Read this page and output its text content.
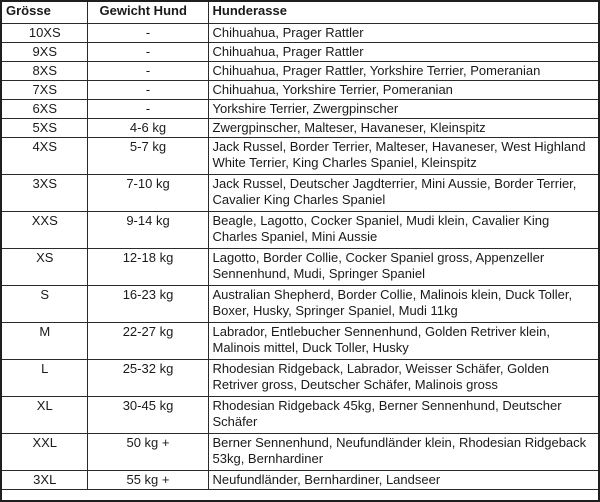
Grösse	Gewicht Hund	Hunderasse
10XS	-	Chihuahua, Prager Rattler
9XS	-	Chihuahua, Prager Rattler
8XS	-	Chihuahua, Prager Rattler, Yorkshire Terrier, Pomeranian
7XS	-	Chihuahua, Yorkshire Terrier, Pomeranian
6XS	-	Yorkshire Terrier, Zwergpinscher
5XS	4-6 kg	Zwergpinscher, Malteser, Havaneser, Kleinspitz
4XS	5-7 kg	Jack Russel, Border Terrier, Malteser, Havaneser, West Highland White Terrier, King Charles Spaniel, Kleinspitz
3XS	7-10 kg	Jack Russel, Deutscher Jagdterrier, Mini Aussie, Border Terrier, Cavalier King Charles Spaniel
XXS	9-14 kg	Beagle, Lagotto, Cocker Spaniel, Mudi klein, Cavalier King Charles Spaniel, Mini Aussie
XS	12-18 kg	Lagotto, Border Collie, Cocker Spaniel gross, Appenzeller Sennenhund, Mudi, Springer Spaniel
S	16-23 kg	Australian Shepherd, Border Collie, Malinois klein, Duck Toller, Boxer, Husky, Springer Spaniel, Mudi 11kg
M	22-27 kg	Labrador, Entlebucher Sennenhund, Golden Retriver klein, Malinois mittel, Duck Toller, Husky
L	25-32 kg	Rhodesian Ridgeback, Labrador, Weisser Schäfer, Golden Retriver gross, Deutscher Schäfer, Malinois gross
XL	30-45 kg	Rhodesian Ridgeback 45kg, Berner Sennenhund, Deutscher Schäfer
XXL	50 kg +	Berner Sennenhund, Neufundländer klein, Rhodesian Ridgeback 53kg, Bernhardiner
3XL	55 kg +	Neufundländer, Bernhardiner, Landseer
